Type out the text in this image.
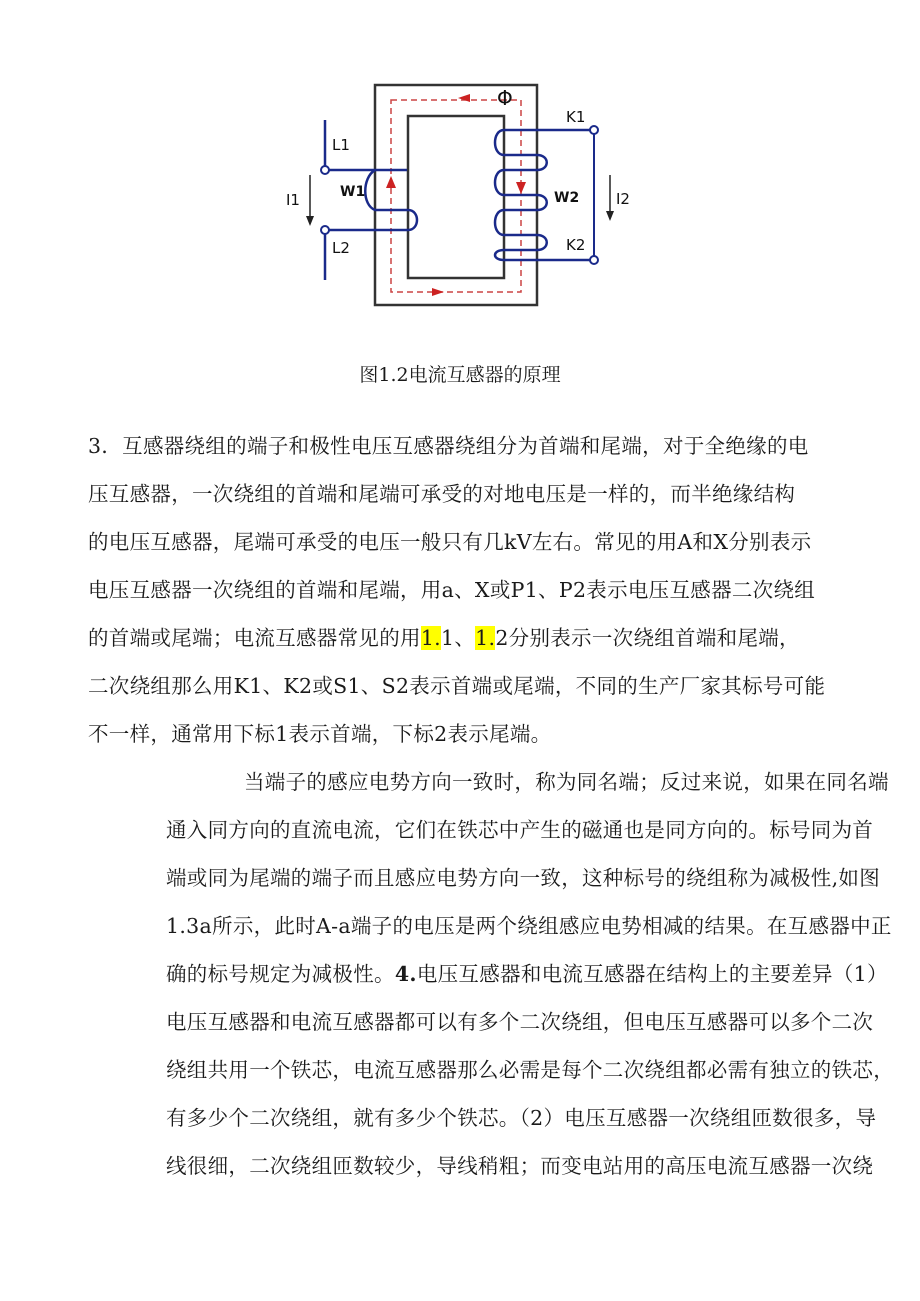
Φ
L1
L2
I1	W1	W2
K1
K2
I2
图1.2电流互感器的原理

3．互感器绕组的端子和极性电压互感器绕组分为首端和尾端，对于全绝缘的电
压互感器，一次绕组的首端和尾端可承受的对地电压是一样的，而半绝缘结构
的电压互感器，尾端可承受的电压一般只有几kV左右。常见的用A和X分别表示
电压互感器一次绕组的首端和尾端，用a、X或P1、P2表示电压互感器二次绕组
的首端或尾端；电流互感器常见的用1.1、1.2分别表示一次绕组首端和尾端，
二次绕组那么用K1、K2或S1、S2表示首端或尾端，不同的生产厂家其标号可能
不一样，通常用下标1表示首端，下标2表示尾端。

当端子的感应电势方向一致时，称为同名端；反过来说，如果在同名端
通入同方向的直流电流，它们在铁芯中产生的磁通也是同方向的。标号同为首
端或同为尾端的端子而且感应电势方向一致，这种标号的绕组称为减极性,如图
1.3a所示，此时A-a端子的电压是两个绕组感应电势相减的结果。在互感器中正
确的标号规定为减极性。4.电压互感器和电流互感器在结构上的主要差异（1）
电压互感器和电流互感器都可以有多个二次绕组，但电压互感器可以多个二次
绕组共用一个铁芯，电流互感器那么必需是每个二次绕组都必需有独立的铁芯，
有多少个二次绕组，就有多少个铁芯。（2）电压互感器一次绕组匝数很多，导
线很细，二次绕组匝数较少，导线稍粗；而变电站用的高压电流互感器一次绕
